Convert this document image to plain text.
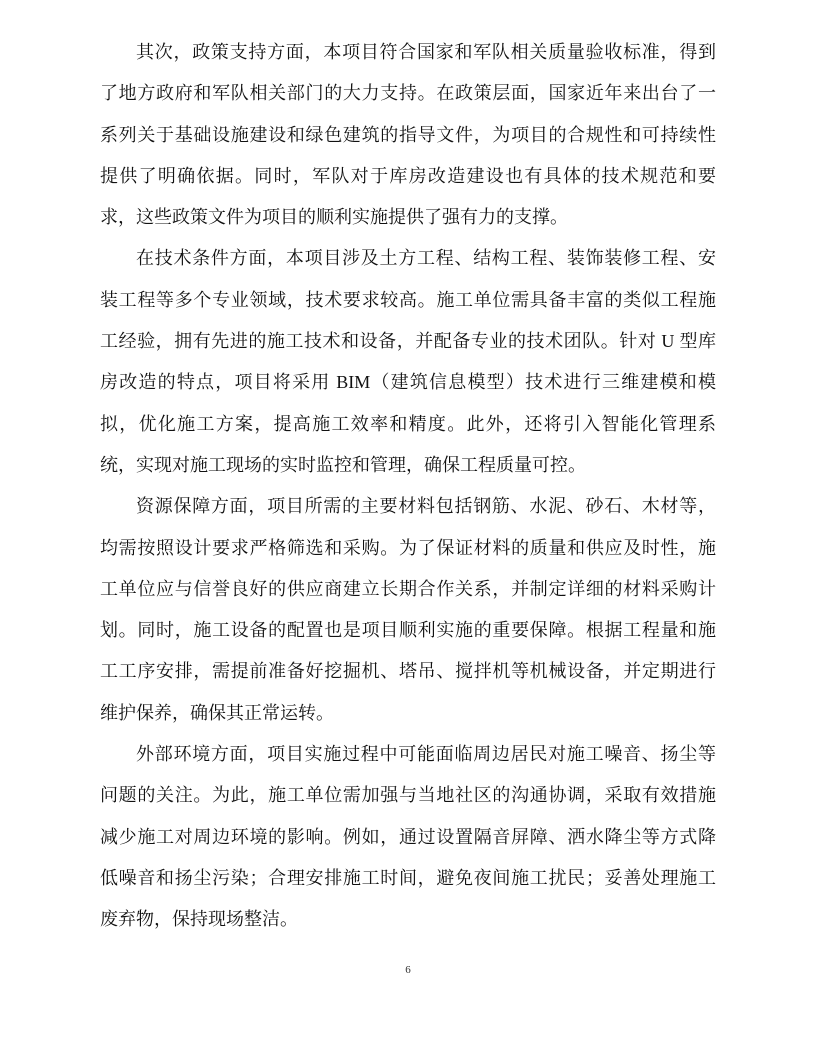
其次，政策支持方面，本项目符合国家和军队相关质量验收标准，得到
了地方政府和军队相关部门的大力支持。在政策层面，国家近年来出台了一
系列关于基础设施建设和绿色建筑的指导文件，为项目的合规性和可持续性
提供了明确依据。同时，军队对于库房改造建设也有具体的技术规范和要
求，这些政策文件为项目的顺利实施提供了强有力的支撑。
在技术条件方面，本项目涉及土方工程、结构工程、装饰装修工程、安
装工程等多个专业领域，技术要求较高。施工单位需具备丰富的类似工程施
工经验，拥有先进的施工技术和设备，并配备专业的技术团队。针对 U 型库
房改造的特点，项目将采用 BIM（建筑信息模型）技术进行三维建模和模
拟，优化施工方案，提高施工效率和精度。此外，还将引入智能化管理系
统，实现对施工现场的实时监控和管理，确保工程质量可控。
资源保障方面，项目所需的主要材料包括钢筋、水泥、砂石、木材等，
均需按照设计要求严格筛选和采购。为了保证材料的质量和供应及时性，施
工单位应与信誉良好的供应商建立长期合作关系，并制定详细的材料采购计
划。同时，施工设备的配置也是项目顺利实施的重要保障。根据工程量和施
工工序安排，需提前准备好挖掘机、塔吊、搅拌机等机械设备，并定期进行
维护保养，确保其正常运转。
外部环境方面，项目实施过程中可能面临周边居民对施工噪音、扬尘等
问题的关注。为此，施工单位需加强与当地社区的沟通协调，采取有效措施
减少施工对周边环境的影响。例如，通过设置隔音屏障、洒水降尘等方式降
低噪音和扬尘污染；合理安排施工时间，避免夜间施工扰民；妥善处理施工
废弃物，保持现场整洁。
6
